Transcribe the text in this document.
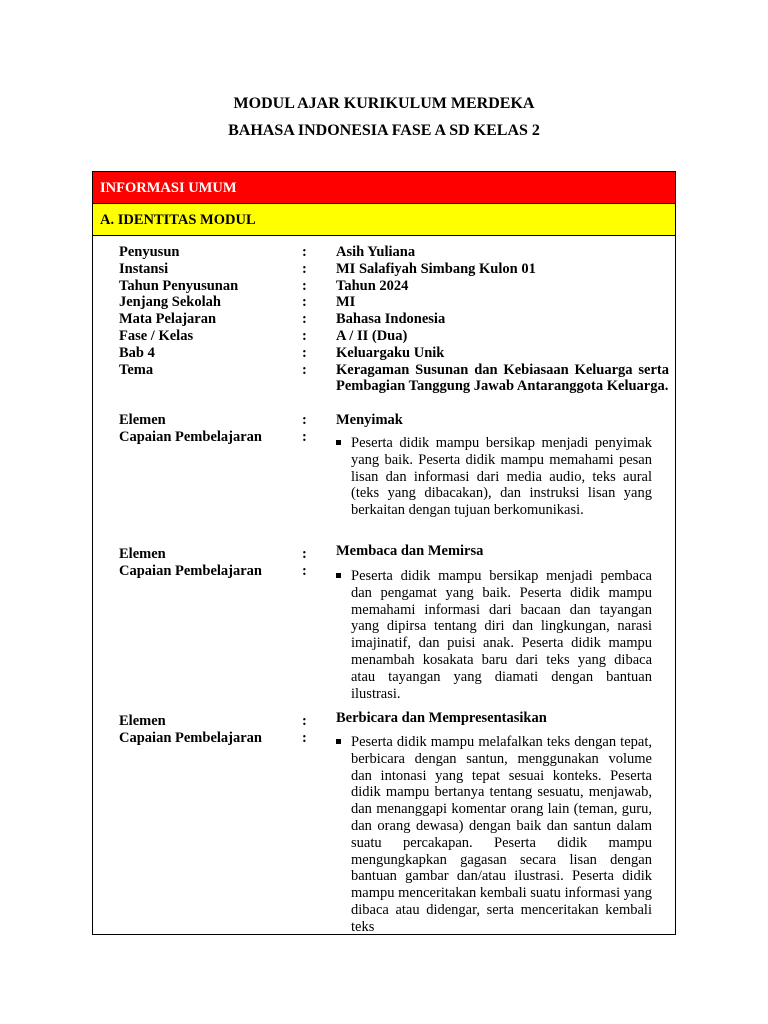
MODUL AJAR KURIKULUM MERDEKA
BAHASA INDONESIA FASE A SD KELAS 2
INFORMASI UMUM
A. IDENTITAS MODUL
Penyusun	: Asih Yuliana
Instansi	: MI Salafiyah Simbang Kulon 01
Tahun Penyusunan	: Tahun 2024
Jenjang Sekolah	: MI
Mata Pelajaran	: Bahasa Indonesia
Fase / Kelas	: A / II (Dua)
Bab 4	: Keluargaku Unik
Tema	: Keragaman Susunan dan Kebiasaan Keluarga serta Pembagian Tanggung Jawab Antaranggota Keluarga.
Elemen	: Menyimak
Capaian Pembelajaran	:	Peserta didik mampu bersikap menjadi penyimak yang baik. Peserta didik mampu memahami pesan lisan dan informasi dari media audio, teks aural (teks yang dibacakan), dan instruksi lisan yang berkaitan dengan tujuan berkomunikasi.
Elemen	: Membaca dan Memirsa
Capaian Pembelajaran	:	Peserta didik mampu bersikap menjadi pembaca dan pengamat yang baik. Peserta didik mampu memahami informasi dari bacaan dan tayangan yang dipirsa tentang diri dan lingkungan, narasi imajinatif, dan puisi anak. Peserta didik mampu menambah kosakata baru dari teks yang dibaca atau tayangan yang diamati dengan bantuan ilustrasi.
Elemen	: Berbicara dan Mempresentasikan
Capaian Pembelajaran	:	Peserta didik mampu melafalkan teks dengan tepat, berbicara dengan santun, menggunakan volume dan intonasi yang tepat sesuai konteks. Peserta didik mampu bertanya tentang sesuatu, menjawab, dan menanggapi komentar orang lain (teman, guru, dan orang dewasa) dengan baik dan santun dalam suatu percakapan. Peserta didik mampu mengungkapkan gagasan secara lisan dengan bantuan gambar dan/atau ilustrasi. Peserta didik mampu menceritakan kembali suatu informasi yang dibaca atau didengar, serta menceritakan kembali teks
